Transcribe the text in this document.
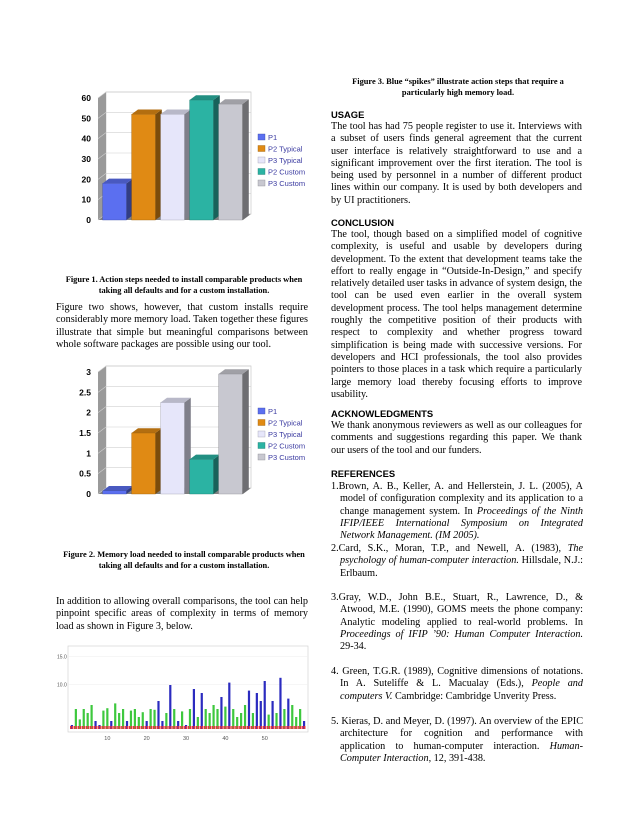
0
10
20
30
40
50
60
P1
P2 Typical
P3 Typical
P2 Custom
P3 Custom
Figure 1. Action steps needed to install comparable products when taking all defaults and for a custom installation.
Figure two shows, however, that custom installs require considerably more memory load. Taken together these figures illustrate that simple but meaningful comparisons between whole software packages are possible using our tool.
0
0.5
1
1.5
2
2.5
3
P1
P2 Typical
P3 Typical
P2 Custom
P3 Custom
Figure 2. Memory load needed to install comparable products when taking all defaults and for a custom installation.
In addition to allowing overall comparisons, the tool can help pinpoint specific areas of complexity in terms of memory load as shown in Figure 3, below.
15.0
10.0
10	20	30	40	50
Figure 3. Blue “spikes” illustrate action steps that require a particularly high memory load.
USAGE
The tool has had 75 people register to use it. Interviews with a subset of users finds general agreement that the current user interface is relatively straightforward to use and a significant improvement over the first iteration. The tool is being used by personnel in a number of different product lines within our company. It is used by both developers and by UI practitioners.
CONCLUSION
The tool, though based on a simplified model of cognitive complexity, is useful and usable by developers during development. To the extent that development teams take the effort to really engage in “Outside-In-Design,” and specify relatively detailed user tasks in advance of system design, the tool can be used even earlier in the overall system development process. The tool helps management determine roughly the competitive position of their products with respect to complexity and whether progress toward simplification is being made with successive versions. For developers and HCI professionals, the tool also provides pointers to those places in a task which require a particularly large memory load thereby focusing efforts to improve usability.
ACKNOWLEDGMENTS
We thank anonymous reviewers as well as our colleagues for comments and suggestions regarding this paper. We thank our users of the tool and our funders.
REFERENCES
1.Brown, A. B., Keller, A. and Hellerstein, J. L. (2005), A model of configuration complexity and its application to a change management system. In Proceedings of the Ninth IFIP/IEEE International Symposium on Integrated Network Management. (IM 2005).
2.Card, S.K., Moran, T.P., and Newell, A. (1983), The psychology of human-computer interaction. Hillsdale, N.J.: Erlbaum.
3.Gray, W.D., John B.E., Stuart, R., Lawrence, D., & Atwood, M.E. (1990), GOMS meets the phone company: Analytic modeling applied to real-world problems. In Proceedings of IFIP ’90: Human Computer Interaction. 29-34.
4. Green, T.G.R. (1989), Cognitive dimensions of notations. In A. Suteliffe & L. Macualay (Eds.), People and computers V. Cambridge: Cambridge Unverity Press.
5. Kieras, D. and Meyer, D. (1997). An overview of the EPIC architecture for cognition and performance with application to human-computer interaction. Human-Computer Interaction, 12, 391-438.
